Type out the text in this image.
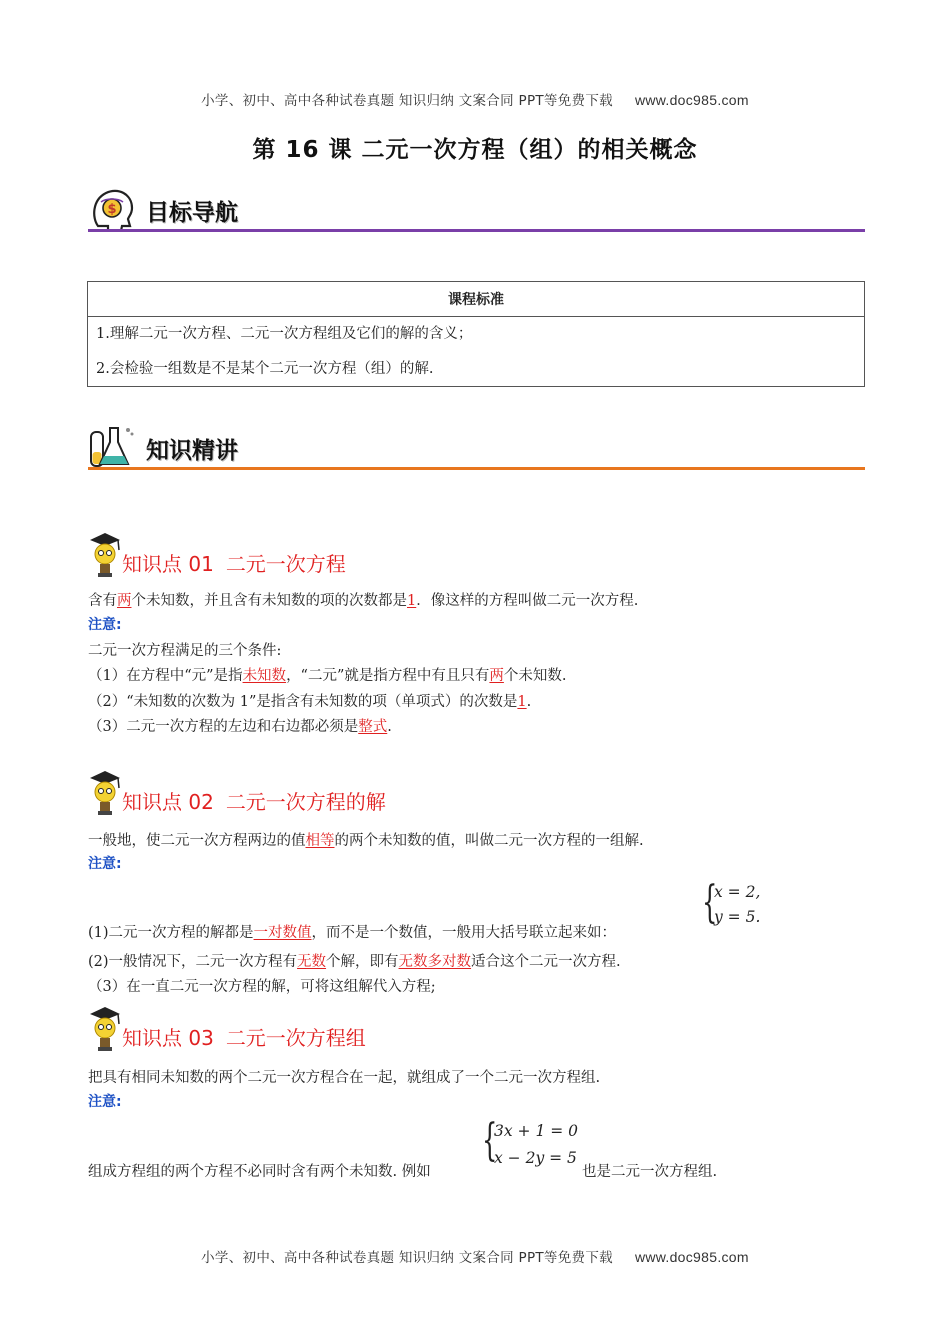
小学、初中、高中各种试卷真题 知识归纳 文案合同 PPT等免费下载 www.doc985.com
第 16 课 二元一次方程（组）的相关概念
$ 目标导航
课程标准
1.理解二元一次方程、二元一次方程组及它们的解的含义；
2.会检验一组数是不是某个二元一次方程（组）的解.
知识精讲
知识点 01 二元一次方程
含有两个未知数，并且含有未知数的项的次数都是1．像这样的方程叫做二元一次方程.
注意:
二元一次方程满足的三个条件:
（1）在方程中“元”是指未知数，“二元”就是指方程中有且只有两个未知数.
（2）“未知数的次数为 1”是指含有未知数的项（单项式）的次数是1.
（3）二元一次方程的左边和右边都必须是整式.
知识点 02 二元一次方程的解
一般地，使二元一次方程两边的值相等的两个未知数的值，叫做二元一次方程的一组解.
注意:
{
x = 2,
y = 5.
(1)二元一次方程的解都是一对数值，而不是一个数值，一般用大括号联立起来如：
(2)一般情况下，二元一次方程有无数个解，即有无数多对数适合这个二元一次方程.
（3）在一直二元一次方程的解，可将这组解代入方程;
知识点 03 二元一次方程组
把具有相同未知数的两个二元一次方程合在一起，就组成了一个二元一次方程组.
注意:
{
3x + 1 = 0
x − 2y = 5
组成方程组的两个方程不必同时含有两个未知数. 例如	也是二元一次方程组.
小学、初中、高中各种试卷真题 知识归纳 文案合同 PPT等免费下载 www.doc985.com
